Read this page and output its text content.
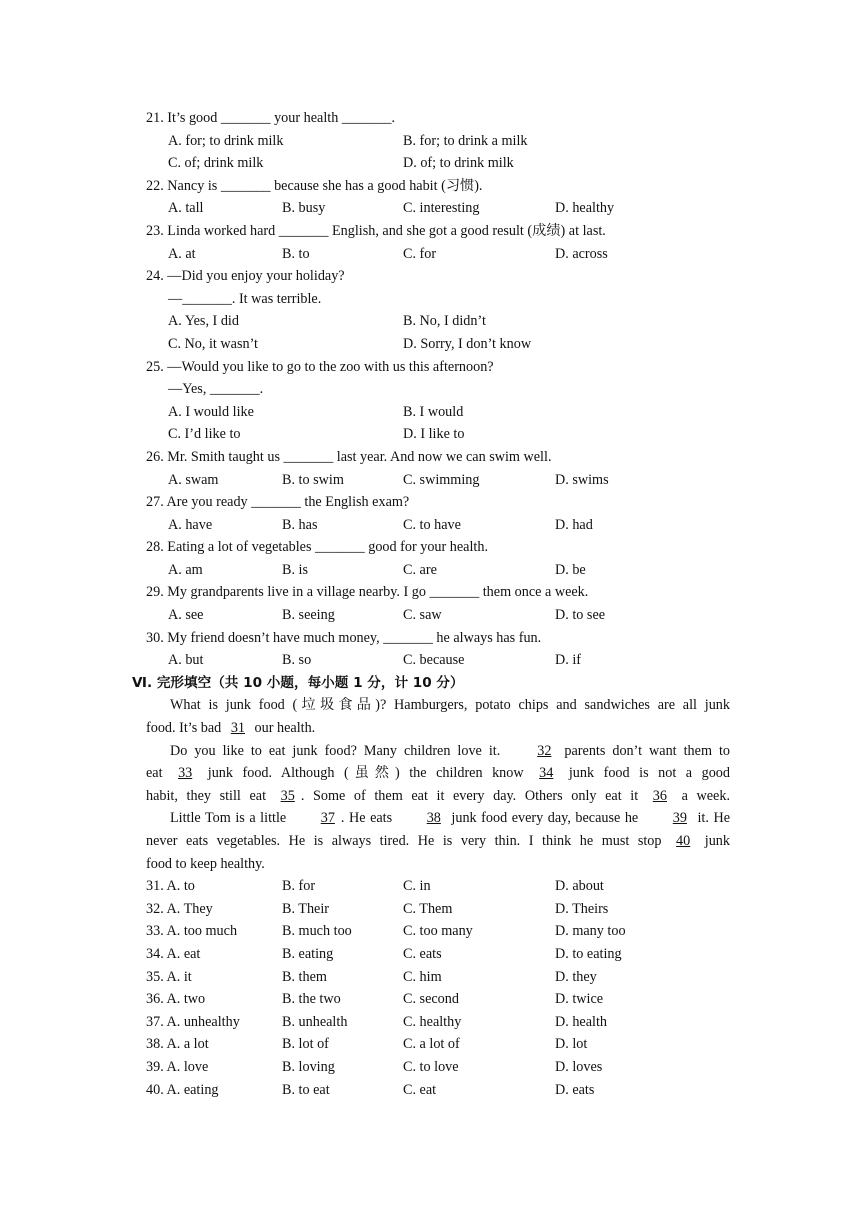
21. It’s good _______ your health _______.
A. for; to drink milk	B. for; to drink a milk
C. of; drink milk	D. of; to drink milk
22. Nancy is _______ because she has a good habit (习惯).
A. tall	B. busy	C. interesting	D. healthy
23. Linda worked hard _______ English, and she got a good result (成绩) at last.
A. at	B. to	C. for	D. across
24. —Did you enjoy your holiday?
—_______. It was terrible.
A. Yes, I did	B. No, I didn’t
C. No, it wasn’t	D. Sorry, I don’t know
25. —Would you like to go to the zoo with us this afternoon?
—Yes, _______.
A. I would like	B. I would
C. I’d like to	D. I like to
26. Mr. Smith taught us _______ last year. And now we can swim well.
A. swam	B. to swim	C. swimming	D. swims
27. Are you ready _______ the English exam?
A. have	B. has	C. to have	D. had
28. Eating a lot of vegetables _______ good for your health.
A. am	B. is	C. are	D. be
29. My grandparents live in a village nearby. I go _______ them once a week.
A. see	B. seeing	C. saw	D. to see
30. My friend doesn’t have much money, _______ he always has fun.
A. but	B. so	C. because	D. if
Ⅵ. 完形填空（共 10 小题，每小题 1 分，计 10 分）
What is junk food (垃圾食品)? Hamburgers, potato chips and sandwiches are all junk
food. It’s bad 31 our health.
Do you like to eat junk food? Many children love it. 32 parents don’t want them to
eat 33 junk food. Although (虽然) the children know 34 junk food is not a good
habit, they still eat 35 . Some of them eat it every day. Others only eat it 36 a week.
Little Tom is a little 37 . He eats 38 junk food every day, because he 39 it. He
never eats vegetables. He is always tired. He is very thin. I think he must stop 40 junk
food to keep healthy.
31. A. to	B. for	C. in	D. about
32. A. They	B. Their	C. Them	D. Theirs
33. A. too much	B. much too	C. too many	D. many too
34. A. eat	B. eating	C. eats	D. to eating
35. A. it	B. them	C. him	D. they
36. A. two	B. the two	C. second	D. twice
37. A. unhealthy	B. unhealth	C. healthy	D. health
38. A. a lot	B. lot of	C. a lot of	D. lot
39. A. love	B. loving	C. to love	D. loves
40. A. eating	B. to eat	C. eat	D. eats
